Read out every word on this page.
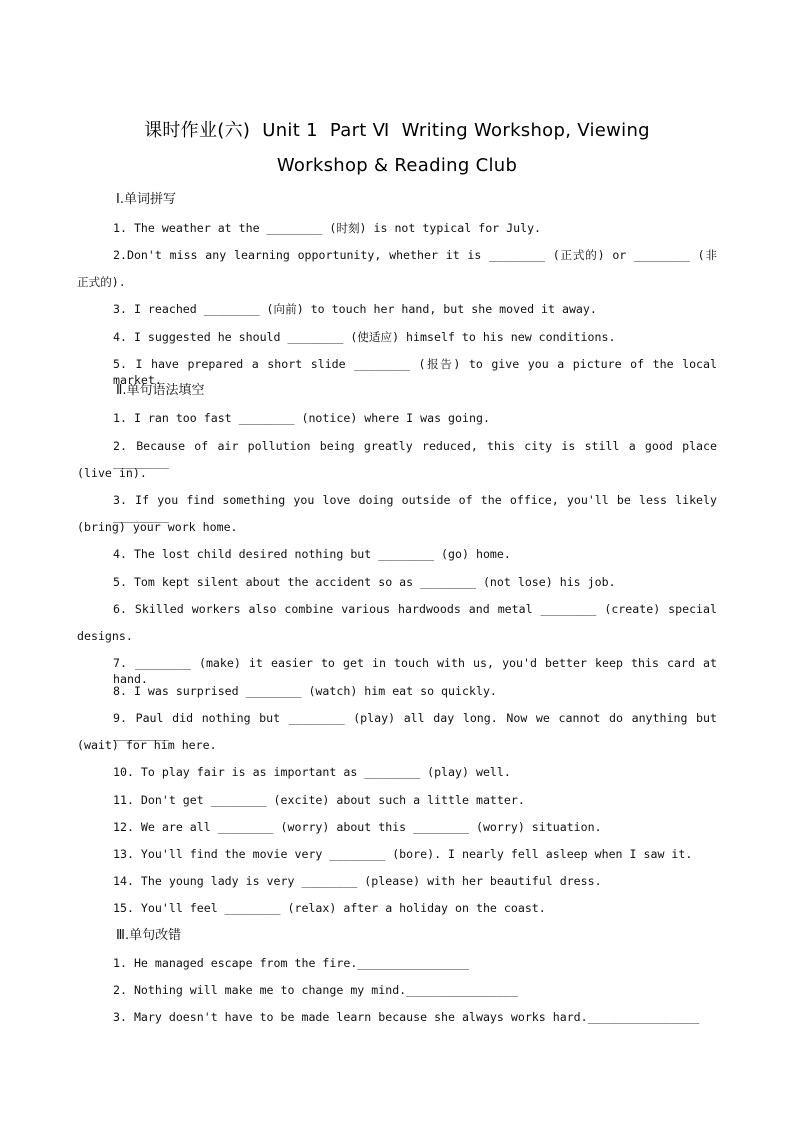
课时作业(六)  Unit 1  Part Ⅵ  Writing Workshop, Viewing
Workshop & Reading Club
Ⅰ.单词拼写
1. The weather at the ________ (时刻) is not typical for July.
2.Don't miss any learning opportunity, whether it is ________ (正式的) or ________ (非
正式的).
3. I reached ________ (向前) to touch her hand, but she moved it away.
4. I suggested he should ________ (使适应) himself to his new conditions.
5. I have prepared a short slide ________ (报告) to give you a picture of the local market.
Ⅱ.单句语法填空
1. I ran too fast ________ (notice) where I was going.
2. Because of air pollution being greatly reduced, this city is still a good place ________
(live in).
3. If you find something you love doing outside of the office, you'll be less likely ________
(bring) your work home.
4. The lost child desired nothing but ________ (go) home.
5. Tom kept silent about the accident so as ________ (not lose) his job.
6. Skilled workers also combine various hardwoods and metal ________ (create) special
designs.
7. ________ (make) it easier to get in touch with us, you'd better keep this card at hand.
8. I was surprised ________ (watch) him eat so quickly.
9. Paul did nothing but ________ (play) all day long. Now we cannot do anything but ________
(wait) for him here.
10. To play fair is as important as ________ (play) well.
11. Don't get ________ (excite) about such a little matter.
12. We are all ________ (worry) about this ________ (worry) situation.
13. You'll find the movie very ________ (bore). I nearly fell asleep when I saw it.
14. The young lady is very ________ (please) with her beautiful dress.
15. You'll feel ________ (relax) after a holiday on the coast.
Ⅲ.单句改错
1. He managed escape from the fire.________________
2. Nothing will make me to change my mind.________________
3. Mary doesn't have to be made learn because she always works hard.________________
